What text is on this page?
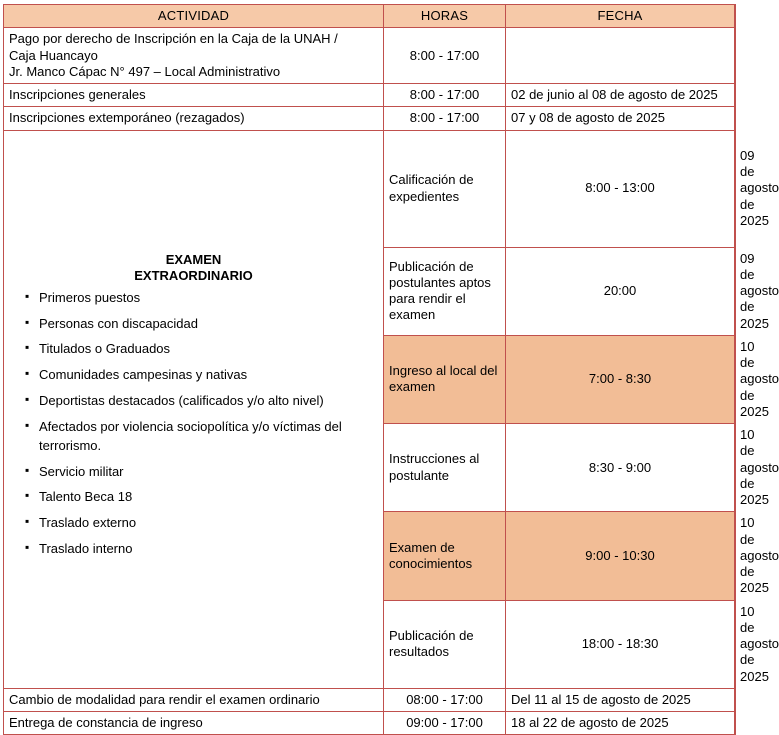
ACTIVIDAD	HORAS	FECHA	

Pago por derecho de Inscripción en la Caja de la UNAH /
Caja Huancayo
Jr. Manco Cápac N° 497 – Local Administrativo	8:00 - 17:00		
Inscripciones generales	8:00 - 17:00	02 de junio al 08 de agosto de 2025	
Inscripciones extemporáneo (rezagados)	8:00 - 17:00	07 y 08 de agosto de 2025	

EXAMEN
EXTRAORDINARIO
▪ Primeros puestos
▪ Personas con discapacidad
▪ Titulados o Graduados
▪ Comunidades campesinas y nativas
▪ Deportistas destacados (calificados y/o alto nivel)
▪ Afectados por violencia sociopolítica y/o víctimas del terrorismo.
▪ Servicio militar
▪ Talento Beca 18
▪ Traslado externo
▪ Traslado interno
	Calificación de expedientes	8:00 - 13:00	09 de agosto de 2025
	Publicación de postulantes aptos para rendir el examen	20:00	09 de agosto de 2025
	Ingreso al local del examen	7:00 - 8:30	10 de agosto de 2025
	Instrucciones al postulante	8:30 - 9:00	10 de agosto de 2025
	Examen de conocimientos	9:00 - 10:30	10 de agosto de 2025
	Publicación de resultados	18:00 - 18:30	10 de agosto de 2025
Cambio de modalidad para rendir el examen ordinario	08:00 - 17:00	Del 11 al 15 de agosto de 2025	
Entrega de constancia de ingreso	09:00 - 17:00	18 al 22 de agosto de 2025	
